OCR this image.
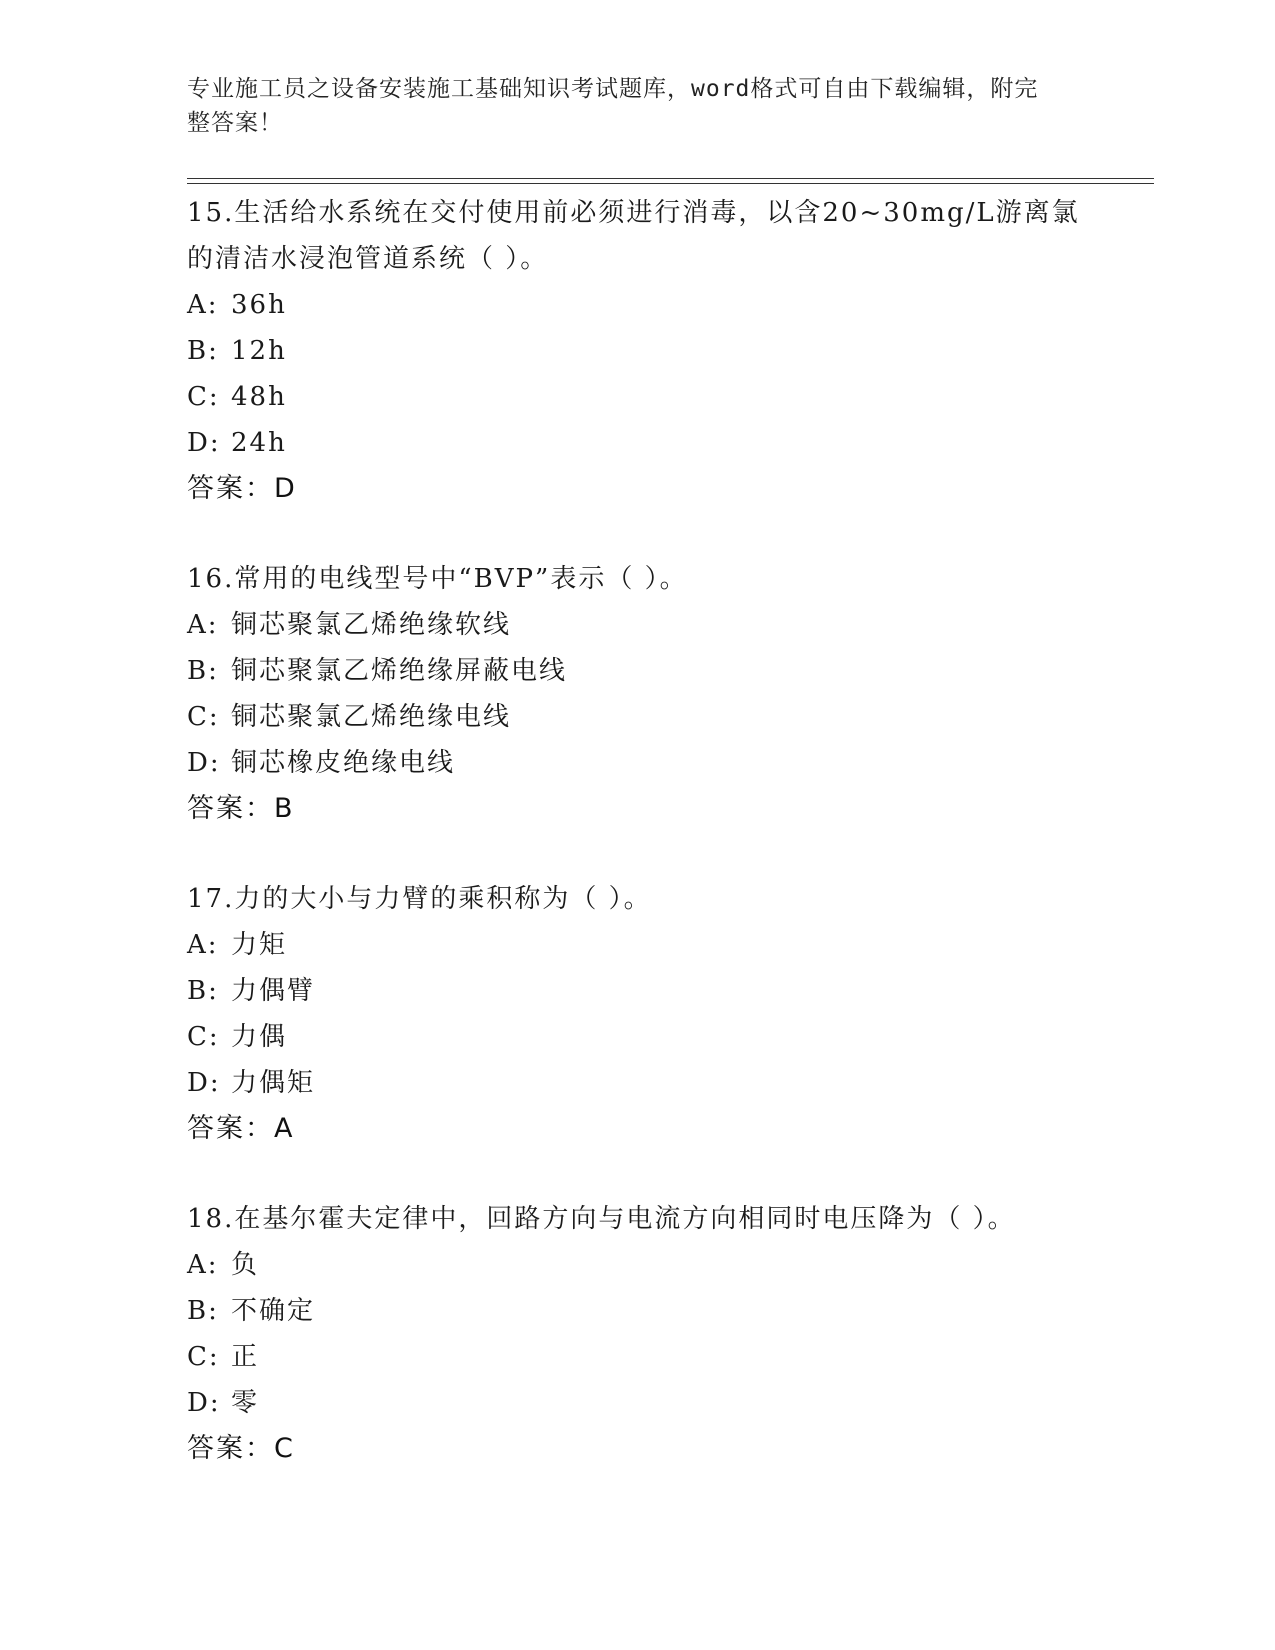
专业施工员之设备安装施工基础知识考试题库，word格式可自由下载编辑，附完
整答案！

15.生活给水系统在交付使用前必须进行消毒，以含20~30mg/L游离氯

的清洁水浸泡管道系统（ ）。

A: 36h

B: 12h

C: 48h

D: 24h

答案：D

16.常用的电线型号中“BVP”表示（ ）。

A: 铜芯聚氯乙烯绝缘软线

B: 铜芯聚氯乙烯绝缘屏蔽电线

C: 铜芯聚氯乙烯绝缘电线

D: 铜芯橡皮绝缘电线

答案：B

17.力的大小与力臂的乘积称为（ ）。

A: 力矩

B: 力偶臂

C: 力偶

D: 力偶矩

答案：A

18.在基尔霍夫定律中，回路方向与电流方向相同时电压降为（ ）。

A: 负

B: 不确定

C: 正

D: 零

答案：C
